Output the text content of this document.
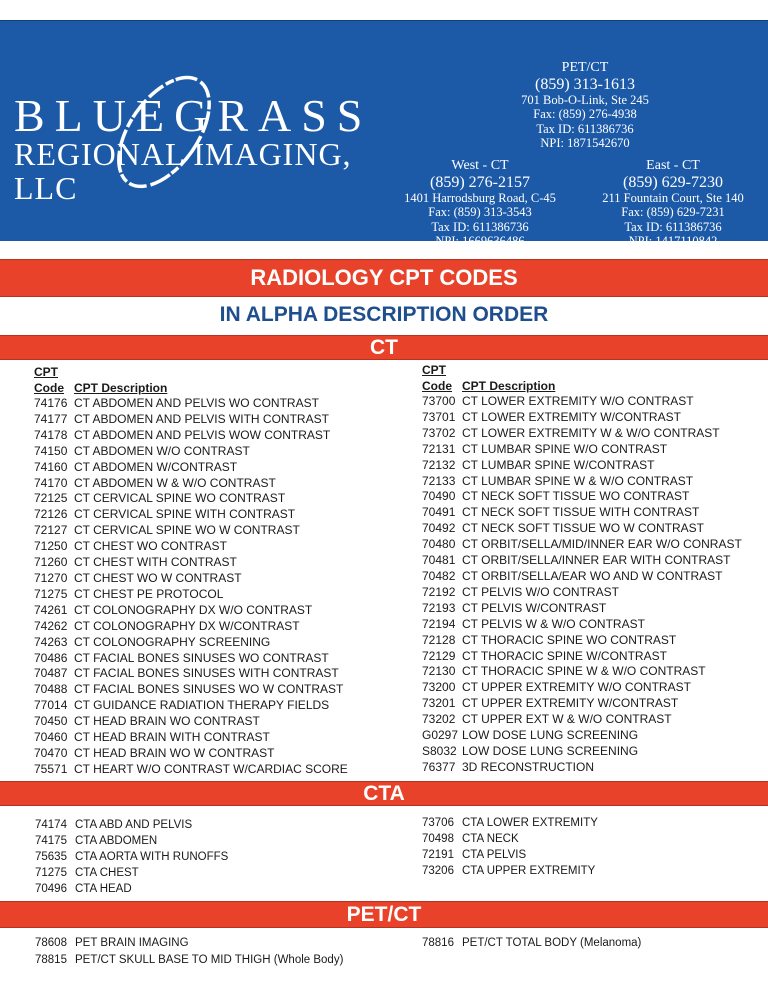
BLUEGRASS
REGIONAL IMAGING, LLC
PET/CT
(859) 313-1613
701 Bob-O-Link, Ste 245
Fax: (859) 276-4938
Tax ID: 611386736
NPI: 1871542670
West - CT
(859) 276-2157
1401 Harrodsburg Road, C-45
Fax: (859) 313-3543
Tax ID: 611386736
NPI: 1669636486
East - CT
(859) 629-7230
211 Fountain Court, Ste 140
Fax: (859) 629-7231
Tax ID: 611386736
NPI: 1417110842
RADIOLOGY CPT CODES
IN ALPHA DESCRIPTION ORDER
CT
CPT
Code CPT Description
74176 CT ABDOMEN AND PELVIS WO CONTRAST
74177 CT ABDOMEN AND PELVIS WITH CONTRAST
74178 CT ABDOMEN AND PELVIS WOW CONTRAST
74150 CT ABDOMEN W/O CONTRAST
74160 CT ABDOMEN W/CONTRAST
74170 CT ABDOMEN W & W/O CONTRAST
72125 CT CERVICAL SPINE WO CONTRAST
72126 CT CERVICAL SPINE WITH CONTRAST
72127 CT CERVICAL SPINE WO W CONTRAST
71250 CT CHEST WO CONTRAST
71260 CT CHEST WITH CONTRAST
71270 CT CHEST WO W CONTRAST
71275 CT CHEST PE PROTOCOL
74261 CT COLONOGRAPHY DX W/O CONTRAST
74262 CT COLONOGRAPHY DX W/CONTRAST
74263 CT COLONOGRAPHY SCREENING
70486 CT FACIAL BONES SINUSES WO CONTRAST
70487 CT FACIAL BONES SINUSES WITH CONTRAST
70488 CT FACIAL BONES SINUSES WO W CONTRAST
77014 CT GUIDANCE RADIATION THERAPY FIELDS
70450 CT HEAD BRAIN WO CONTRAST
70460 CT HEAD BRAIN WITH CONTRAST
70470 CT HEAD BRAIN WO W CONTRAST
75571 CT HEART W/O CONTRAST W/CARDIAC SCORE
CPT
Code CPT Description
73700 CT LOWER EXTREMITY W/O CONTRAST
73701 CT LOWER EXTREMITY W/CONTRAST
73702 CT LOWER EXTREMITY W & W/O CONTRAST
72131 CT LUMBAR SPINE W/O CONTRAST
72132 CT LUMBAR SPINE W/CONTRAST
72133 CT LUMBAR SPINE W & W/O CONTRAST
70490 CT NECK SOFT TISSUE WO CONTRAST
70491 CT NECK SOFT TISSUE WITH CONTRAST
70492 CT NECK SOFT TISSUE WO W CONTRAST
70480 CT ORBIT/SELLA/MID/INNER EAR W/O CONRAST
70481 CT ORBIT/SELLA/INNER EAR WITH CONTRAST
70482 CT ORBIT/SELLA/EAR WO AND W CONTRAST
72192 CT PELVIS W/O CONTRAST
72193 CT PELVIS W/CONTRAST
72194 CT PELVIS W & W/O CONTRAST
72128 CT THORACIC SPINE WO CONTRAST
72129 CT THORACIC SPINE W/CONTRAST
72130 CT THORACIC SPINE W & W/O CONTRAST
73200 CT UPPER EXTREMITY W/O CONTRAST
73201 CT UPPER EXTREMITY W/CONTRAST
73202 CT UPPER EXT W & W/O CONTRAST
G0297 LOW DOSE LUNG SCREENING
S8032 LOW DOSE LUNG SCREENING
76377 3D RECONSTRUCTION
CTA
74174 CTA ABD AND PELVIS
74175 CTA ABDOMEN
75635 CTA AORTA WITH RUNOFFS
71275 CTA CHEST
70496 CTA HEAD
73706 CTA LOWER EXTREMITY
70498 CTA NECK
72191 CTA PELVIS
73206 CTA UPPER EXTREMITY
PET/CT
78608 PET BRAIN IMAGING
78815 PET/CT SKULL BASE TO MID THIGH (Whole Body)
78816 PET/CT TOTAL BODY (Melanoma)
